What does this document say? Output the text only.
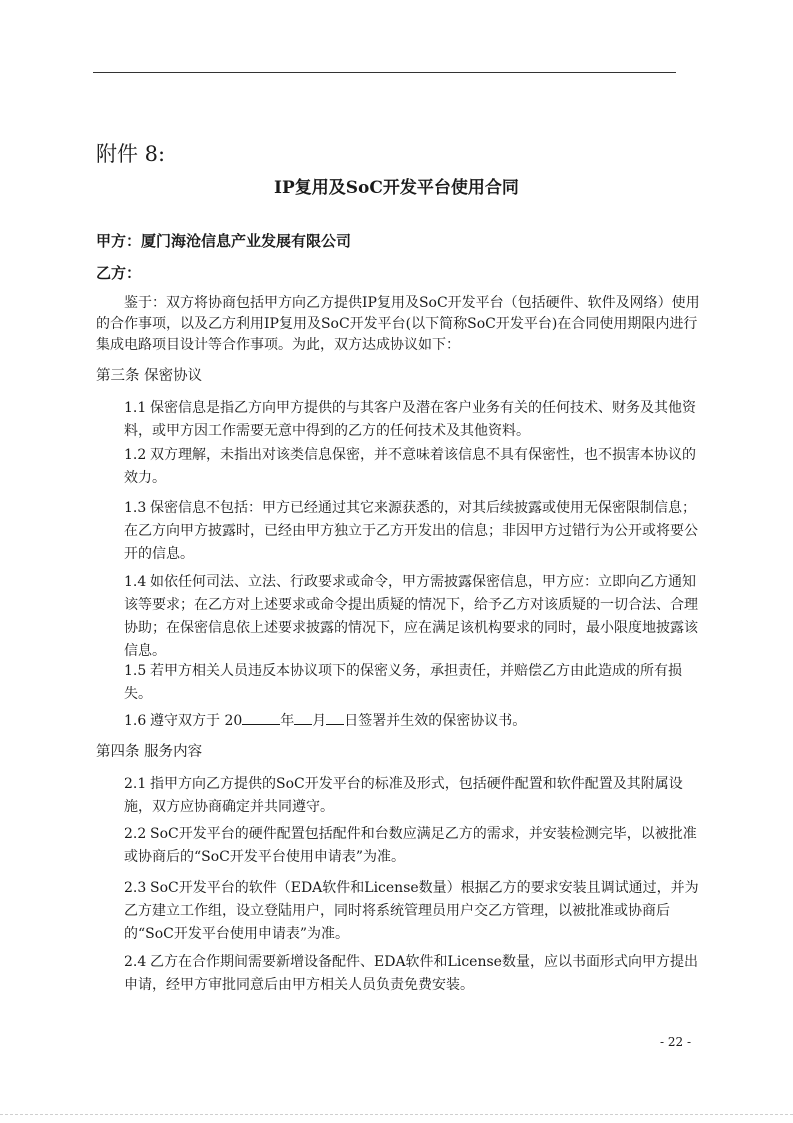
附件 8:
IP复用及SoC开发平台使用合同
甲方：厦门海沧信息产业发展有限公司
乙方：
鉴于：双方将协商包括甲方向乙方提供IP复用及SoC开发平台（包括硬件、软件及网络）使用的合作事项，以及乙方利用IP复用及SoC开发平台(以下简称SoC开发平台)在合同使用期限内进行集成电路项目设计等合作事项。为此，双方达成协议如下：
第三条 保密协议
1.1 保密信息是指乙方向甲方提供的与其客户及潜在客户业务有关的任何技术、财务及其他资料，或甲方因工作需要无意中得到的乙方的任何技术及其他资料。
1.2 双方理解，未指出对该类信息保密，并不意味着该信息不具有保密性，也不损害本协议的效力。
1.3 保密信息不包括：甲方已经通过其它来源获悉的，对其后续披露或使用无保密限制信息；在乙方向甲方披露时，已经由甲方独立于乙方开发出的信息；非因甲方过错行为公开或将要公开的信息。
1.4 如依任何司法、立法、行政要求或命令，甲方需披露保密信息，甲方应：立即向乙方通知该等要求；在乙方对上述要求或命令提出质疑的情况下，给予乙方对该质疑的一切合法、合理协助；在保密信息依上述要求披露的情况下，应在满足该机构要求的同时，最小限度地披露该信息。
1.5 若甲方相关人员违反本协议项下的保密义务，承担责任，并赔偿乙方由此造成的所有损失。
1.6 遵守双方于 20	年 月 日签署并生效的保密协议书。
第四条 服务内容
2.1 指甲方向乙方提供的SoC开发平台的标准及形式，包括硬件配置和软件配置及其附属设施，双方应协商确定并共同遵守。
2.2 SoC开发平台的硬件配置包括配件和台数应满足乙方的需求，并安装检测完毕，以被批准或协商后的“SoC开发平台使用申请表”为准。
2.3 SoC开发平台的软件（EDA软件和License数量）根据乙方的要求安装且调试通过，并为乙方建立工作组，设立登陆用户，同时将系统管理员用户交乙方管理，以被批准或协商后的“SoC开发平台使用申请表”为准。
2.4 乙方在合作期间需要新增设备配件、EDA软件和License数量，应以书面形式向甲方提出申请，经甲方审批同意后由甲方相关人员负责免费安装。
- 22 -
